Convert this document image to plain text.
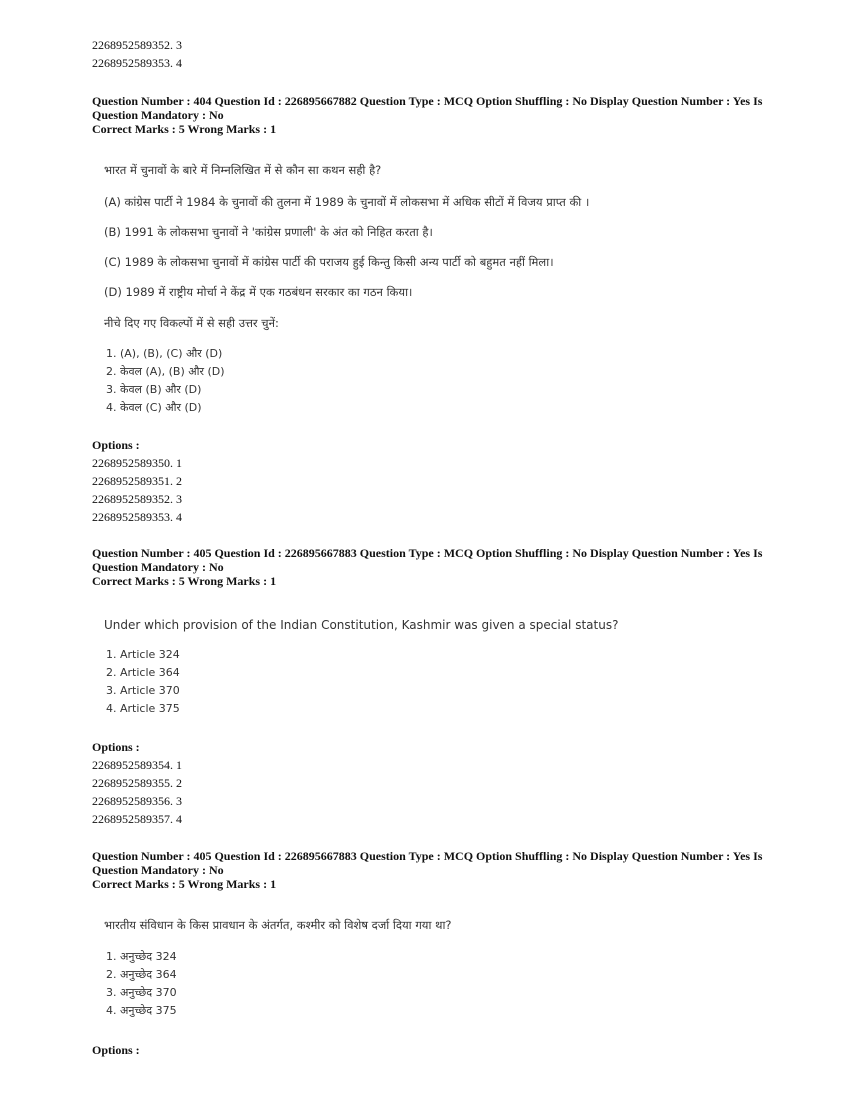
2268952589352. 3
2268952589353. 4
Question Number : 404 Question Id : 226895667882 Question Type : MCQ Option Shuffling : No Display Question Number : Yes Is
Question Mandatory : No
Correct Marks : 5 Wrong Marks : 1
भारत में चुनावों के बारे में निम्नलिखित में से कौन सा कथन सही है?
(A) कांग्रेस पार्टी ने 1984 के चुनावों की तुलना में 1989 के चुनावों में लोकसभा में अधिक सीटों में विजय प्राप्त की ।
(B) 1991 के लोकसभा चुनावों ने 'कांग्रेस प्रणाली' के अंत को निहित करता है।
(C) 1989 के लोकसभा चुनावों में कांग्रेस पार्टी की पराजय हुई किन्तु किसी अन्य पार्टी को बहुमत नहीं मिला।
(D) 1989 में राष्ट्रीय मोर्चा ने केंद्र में एक गठबंधन सरकार का गठन किया।
नीचे दिए गए विकल्पों में से सही उत्तर चुनें:
1. (A), (B), (C) और (D)
2. केवल (A), (B) और (D)
3. केवल (B) और (D)
4. केवल (C) और (D)
Options :
2268952589350. 1
2268952589351. 2
2268952589352. 3
2268952589353. 4
Question Number : 405 Question Id : 226895667883 Question Type : MCQ Option Shuffling : No Display Question Number : Yes Is
Question Mandatory : No
Correct Marks : 5 Wrong Marks : 1
Under which provision of the Indian Constitution, Kashmir was given a special status?
1. Article 324
2. Article 364
3. Article 370
4. Article 375
Options :
2268952589354. 1
2268952589355. 2
2268952589356. 3
2268952589357. 4
Question Number : 405 Question Id : 226895667883 Question Type : MCQ Option Shuffling : No Display Question Number : Yes Is
Question Mandatory : No
Correct Marks : 5 Wrong Marks : 1
भारतीय संविधान के किस प्रावधान के अंतर्गत, कश्मीर को विशेष दर्जा दिया गया था?
1. अनुच्छेद 324
2. अनुच्छेद 364
3. अनुच्छेद 370
4. अनुच्छेद 375
Options :
